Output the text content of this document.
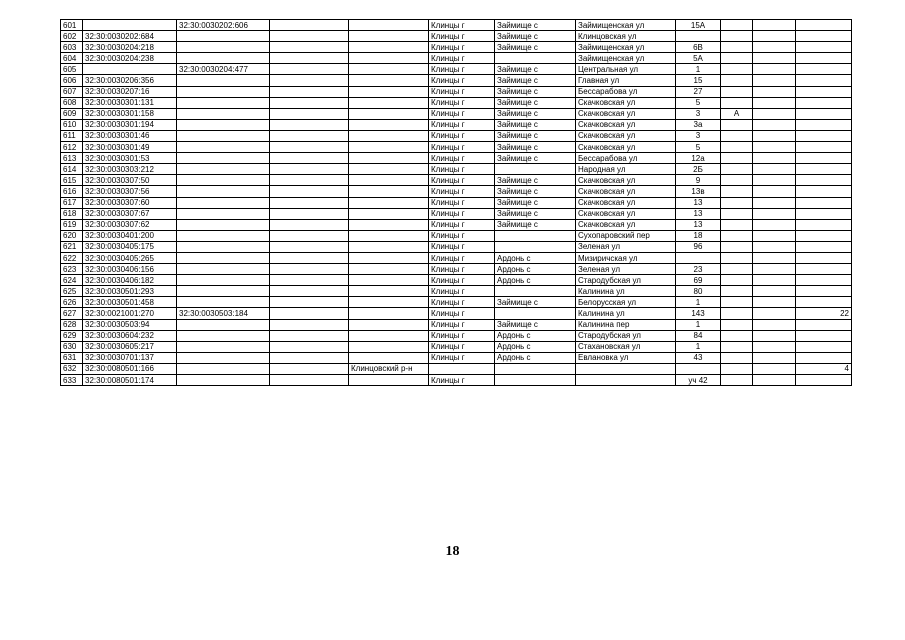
601		32:30:0030202:606			Клинцы г	Займище с	Займищенская ул	15А			
602	32:30:0030202:684				Клинцы г	Займище с	Клинцовская ул				
603	32:30:0030204:218				Клинцы г	Займище с	Займищенская ул	6В			
604	32:30:0030204:238				Клинцы г		Займищенская ул	5А			
605		32:30:0030204:477			Клинцы г	Займище с	Центральная ул	1			
606	32:30:0030206:356				Клинцы г	Займище с	Главная ул	15			
607	32:30:0030207:16				Клинцы г	Займище с	Бессарабова ул	27			
608	32:30:0030301:131				Клинцы г	Займище с	Скачковская ул	5			
609	32:30:0030301:158				Клинцы г	Займище с	Скачковская ул	3	А		
610	32:30:0030301:194				Клинцы г	Займище с	Скачковская ул	3а			
611	32:30:0030301:46				Клинцы г	Займище с	Скачковская ул	3			
612	32:30:0030301:49				Клинцы г	Займище с	Скачковская ул	5			
613	32:30:0030301:53				Клинцы г	Займище с	Бессарабова ул	12а			
614	32:30:0030303:212				Клинцы г		Народная ул	2Б			
615	32:30:0030307:50				Клинцы г	Займище с	Скачковская ул	9			
616	32:30:0030307:56				Клинцы г	Займище с	Скачковская ул	13в			
617	32:30:0030307:60				Клинцы г	Займище с	Скачковская ул	13			
618	32:30:0030307:67				Клинцы г	Займище с	Скачковская ул	13			
619	32:30:0030307:62				Клинцы г	Займище с	Скачковская ул	13			
620	32:30:0030401:200				Клинцы г		Сухопаровский пер	18			
621	32:30:0030405:175				Клинцы г		Зеленая ул	96			
622	32:30:0030405:265				Клинцы г	Ардонь с	Мизиричская ул				
623	32:30:0030406:156				Клинцы г	Ардонь с	Зеленая ул	23			
624	32:30:0030406:182				Клинцы г	Ардонь с	Стародубская ул	69			
625	32:30:0030501:293				Клинцы г		Калинина ул	80			
626	32:30:0030501:458				Клинцы г	Займище с	Белорусская ул	1			
627	32:30:0021001:270	32:30:0030503:184			Клинцы г		Калинина ул	143			22
628	32:30:0030503:94				Клинцы г	Займище с	Калинина пер	1			
629	32:30:0030604:232				Клинцы г	Ардонь с	Стародубская ул	84			
630	32:30:0030605:217				Клинцы г	Ардонь с	Стахановская ул	1			
631	32:30:0030701:137				Клинцы г	Ардонь с	Евлановка ул	43			
632	32:30:0080501:166			Клинцовский р-н							4
633	32:30:0080501:174				Клинцы г			уч 42			
18
